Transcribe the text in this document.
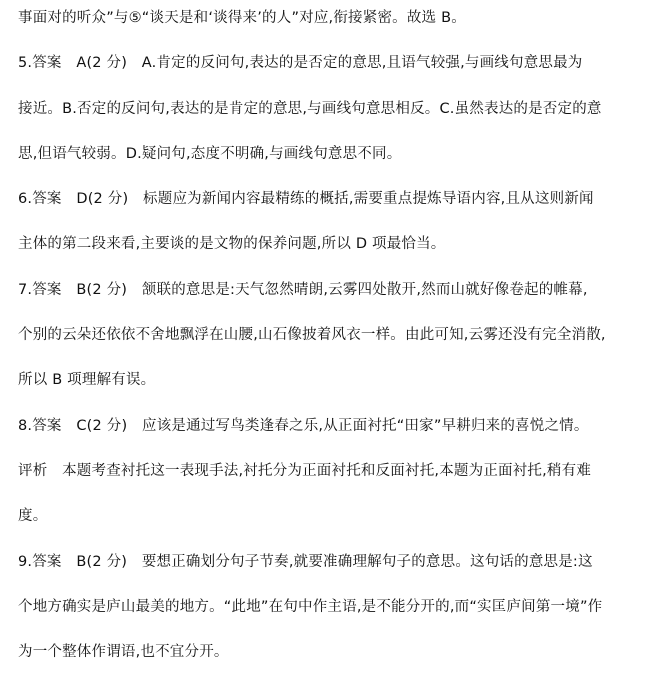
事面对的听众”与⑤“谈天是和‘谈得来’的人”对应,衔接紧密。故选 B。
5.答案　A(2 分)　A.肯定的反问句,表达的是否定的意思,且语气较强,与画线句意思最为
接近。B.否定的反问句,表达的是肯定的意思,与画线句意思相反。C.虽然表达的是否定的意
思,但语气较弱。D.疑问句,态度不明确,与画线句意思不同。
6.答案　D(2 分)　标题应为新闻内容最精练的概括,需要重点提炼导语内容,且从这则新闻
主体的第二段来看,主要谈的是文物的保养问题,所以 D 项最恰当。
7.答案　B(2 分)　颔联的意思是:天气忽然晴朗,云雾四处散开,然而山就好像卷起的帷幕,
个别的云朵还依依不舍地飘浮在山腰,山石像披着风衣一样。由此可知,云雾还没有完全消散,
所以 B 项理解有误。
8.答案　C(2 分)　应该是通过写鸟类逢春之乐,从正面衬托“田家”早耕归来的喜悦之情。
评析　本题考查衬托这一表现手法,衬托分为正面衬托和反面衬托,本题为正面衬托,稍有难
度。
9.答案　B(2 分)　要想正确划分句子节奏,就要准确理解句子的意思。这句话的意思是:这
个地方确实是庐山最美的地方。“此地”在句中作主语,是不能分开的,而“实匡庐间第一境”作
为一个整体作谓语,也不宜分开。
